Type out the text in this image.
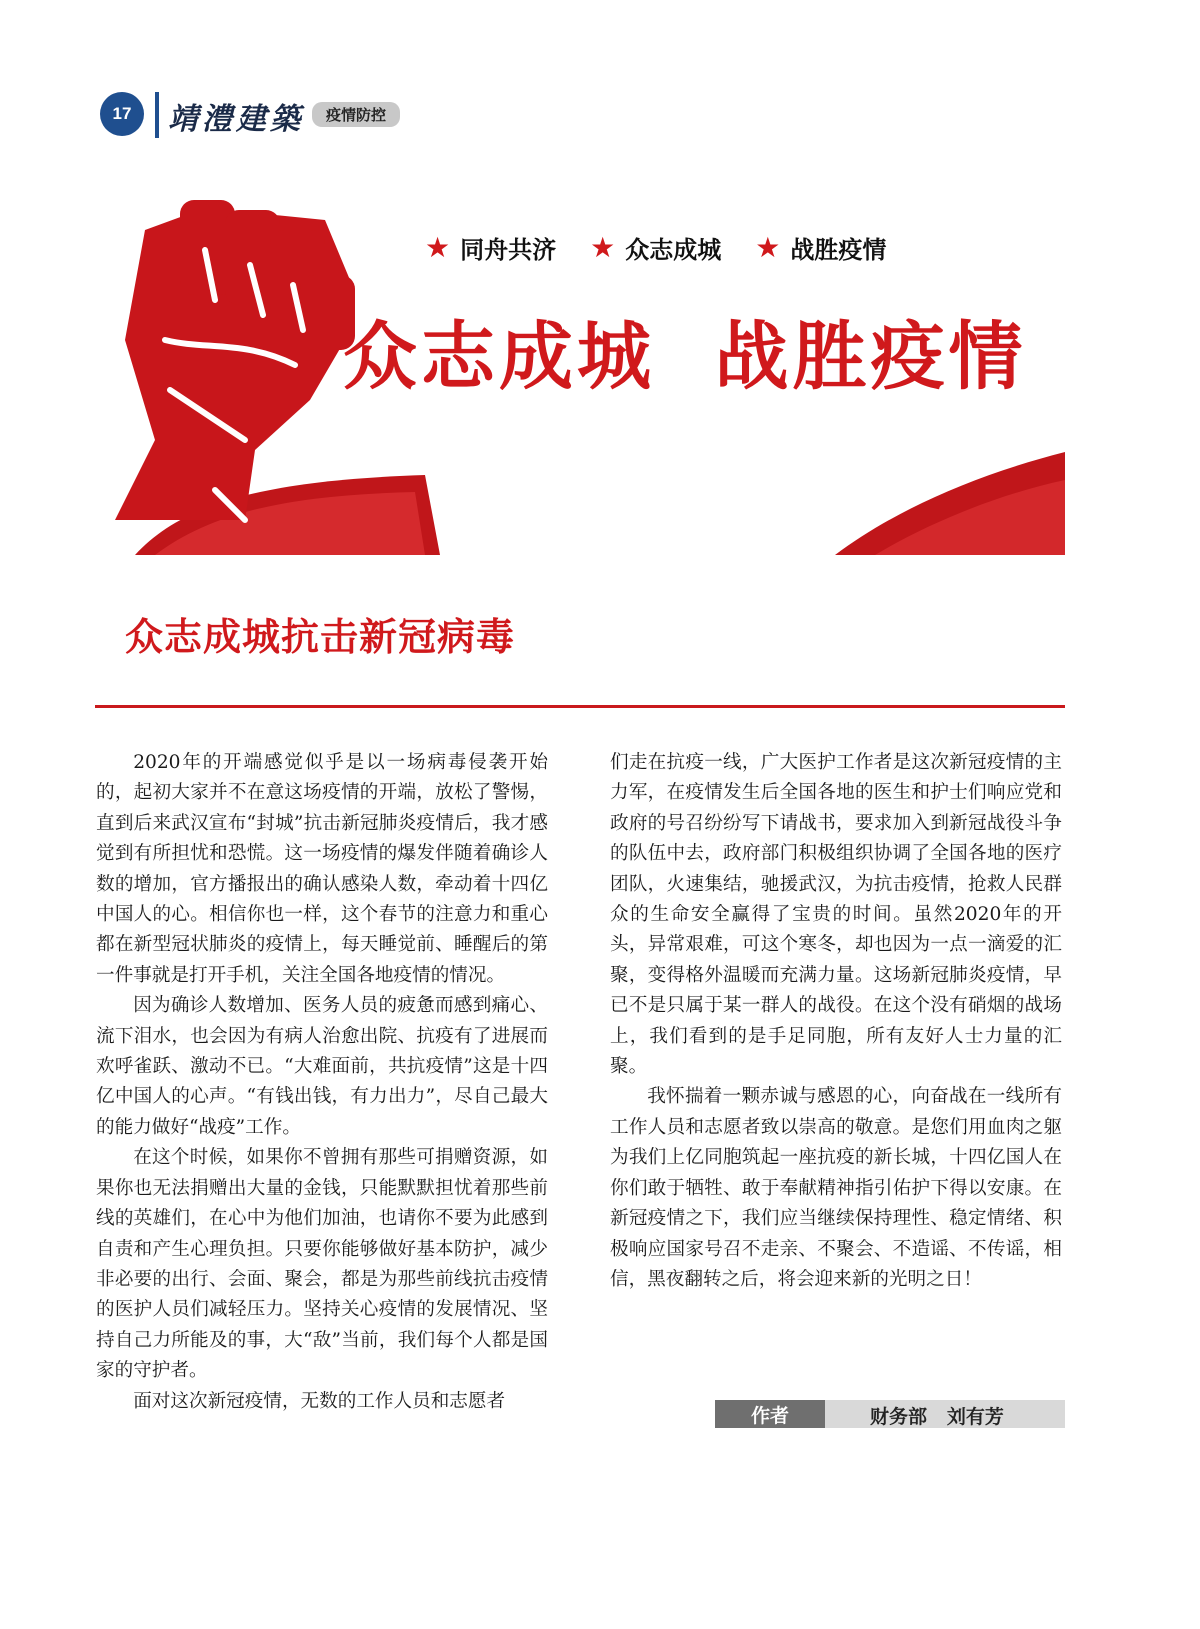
17	靖澧建築	疫情防控
★ 同舟共济 ★ 众志成城 ★ 战胜疫情
众志成城  战胜疫情
众志成城抗击新冠病毒

2020年的开端感觉似乎是以一场病毒侵袭开始的，起初大家并不在意这场疫情的开端，放松了警惕，直到后来武汉宣布“封城”抗击新冠肺炎疫情后，我才感觉到有所担忧和恐慌。这一场疫情的爆发伴随着确诊人数的增加，官方播报出的确认感染人数，牵动着十四亿中国人的心。相信你也一样，这个春节的注意力和重心都在新型冠状肺炎的疫情上，每天睡觉前、睡醒后的第一件事就是打开手机，关注全国各地疫情的情况。

因为确诊人数增加、医务人员的疲惫而感到痛心、流下泪水，也会因为有病人治愈出院、抗疫有了进展而欢呼雀跃、激动不已。“大难面前，共抗疫情”这是十四亿中国人的心声。“有钱出钱，有力出力”，尽自己最大的能力做好“战疫”工作。

在这个时候，如果你不曾拥有那些可捐赠资源，如果你也无法捐赠出大量的金钱，只能默默担忧着那些前线的英雄们，在心中为他们加油，也请你不要为此感到自责和产生心理负担。只要你能够做好基本防护，减少非必要的出行、会面、聚会，都是为那些前线抗击疫情的医护人员们减轻压力。坚持关心疫情的发展情况、坚持自己力所能及的事，大“敌”当前，我们每个人都是国家的守护者。

面对这次新冠疫情，无数的工作人员和志愿者

们走在抗疫一线，广大医护工作者是这次新冠疫情的主力军，在疫情发生后全国各地的医生和护士们响应党和政府的号召纷纷写下请战书，要求加入到新冠战役斗争的队伍中去，政府部门积极组织协调了全国各地的医疗团队，火速集结，驰援武汉，为抗击疫情，抢救人民群众的生命安全赢得了宝贵的时间。虽然2020年的开头，异常艰难，可这个寒冬，却也因为一点一滴爱的汇聚，变得格外温暖而充满力量。这场新冠肺炎疫情，早已不是只属于某一群人的战役。在这个没有硝烟的战场上，我们看到的是手足同胞，所有友好人士力量的汇聚。

我怀揣着一颗赤诚与感恩的心，向奋战在一线所有工作人员和志愿者致以崇高的敬意。是您们用血肉之躯为我们上亿同胞筑起一座抗疫的新长城，十四亿国人在你们敢于牺牲、敢于奉献精神指引佑护下得以安康。在新冠疫情之下，我们应当继续保持理性、稳定情绪、积极响应国家号召不走亲、不聚会、不造谣、不传谣，相信，黑夜翻转之后，将会迎来新的光明之日！

作者	财务部   刘有芳
